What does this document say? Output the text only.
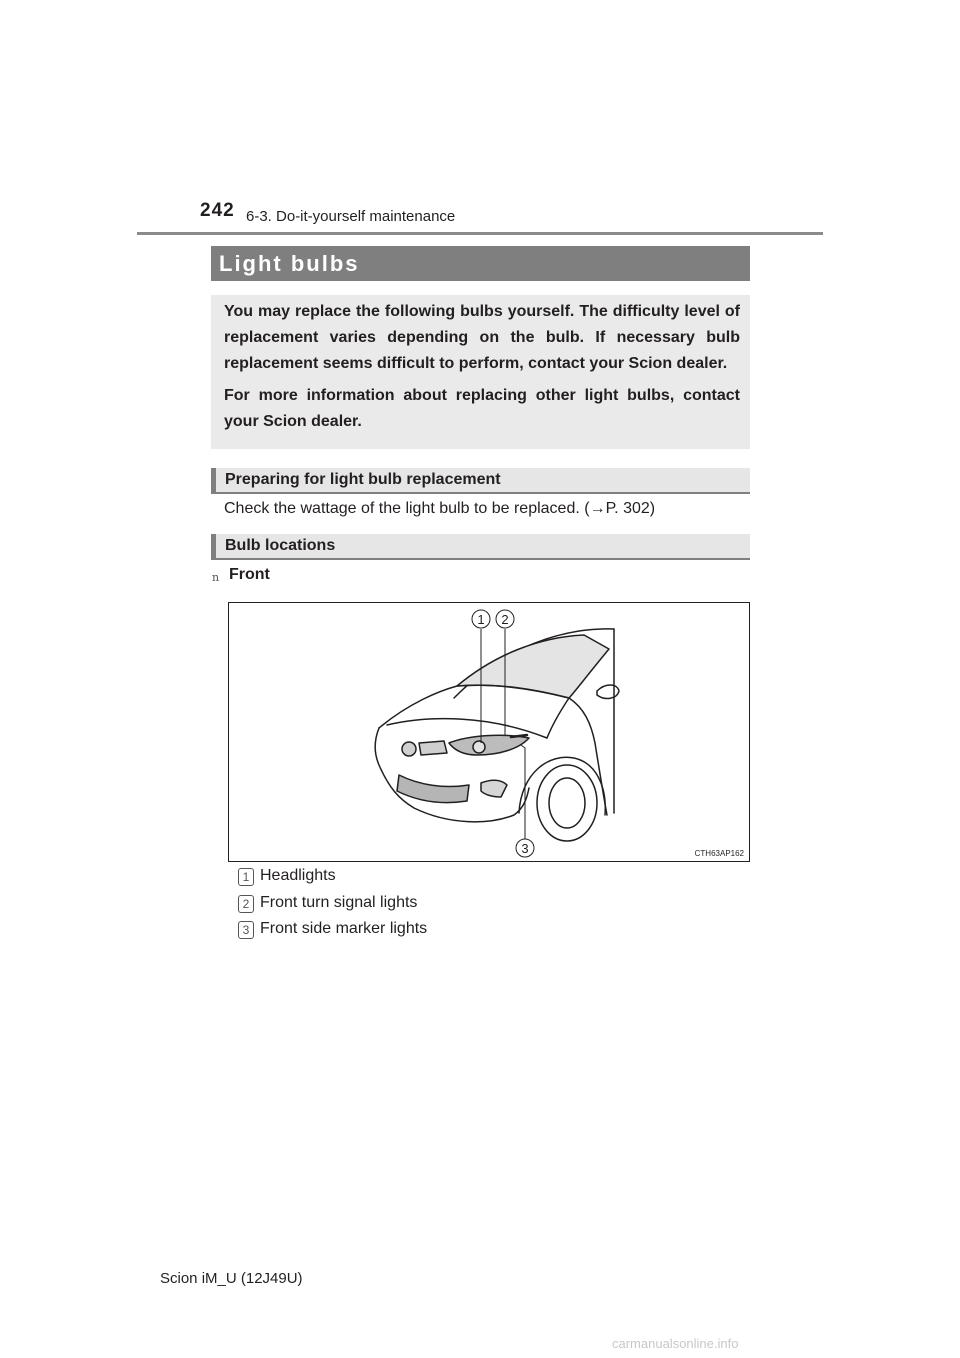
242 6-3. Do-it-yourself maintenance
Light bulbs

You may replace the following bulbs yourself. The difficulty level of replacement varies depending on the bulb. If necessary bulb replacement seems difficult to perform, contact your Scion dealer.

For more information about replacing other light bulbs, contact your Scion dealer.

Preparing for light bulb replacement
Check the wattage of the light bulb to be replaced. (→P. 302)
Bulb locations
n Front
1 2
3	CTH63AP162
1 Headlights
2 Front turn signal lights
3 Front side marker lights
Scion iM_U (12J49U)
carmanualsonline.info
